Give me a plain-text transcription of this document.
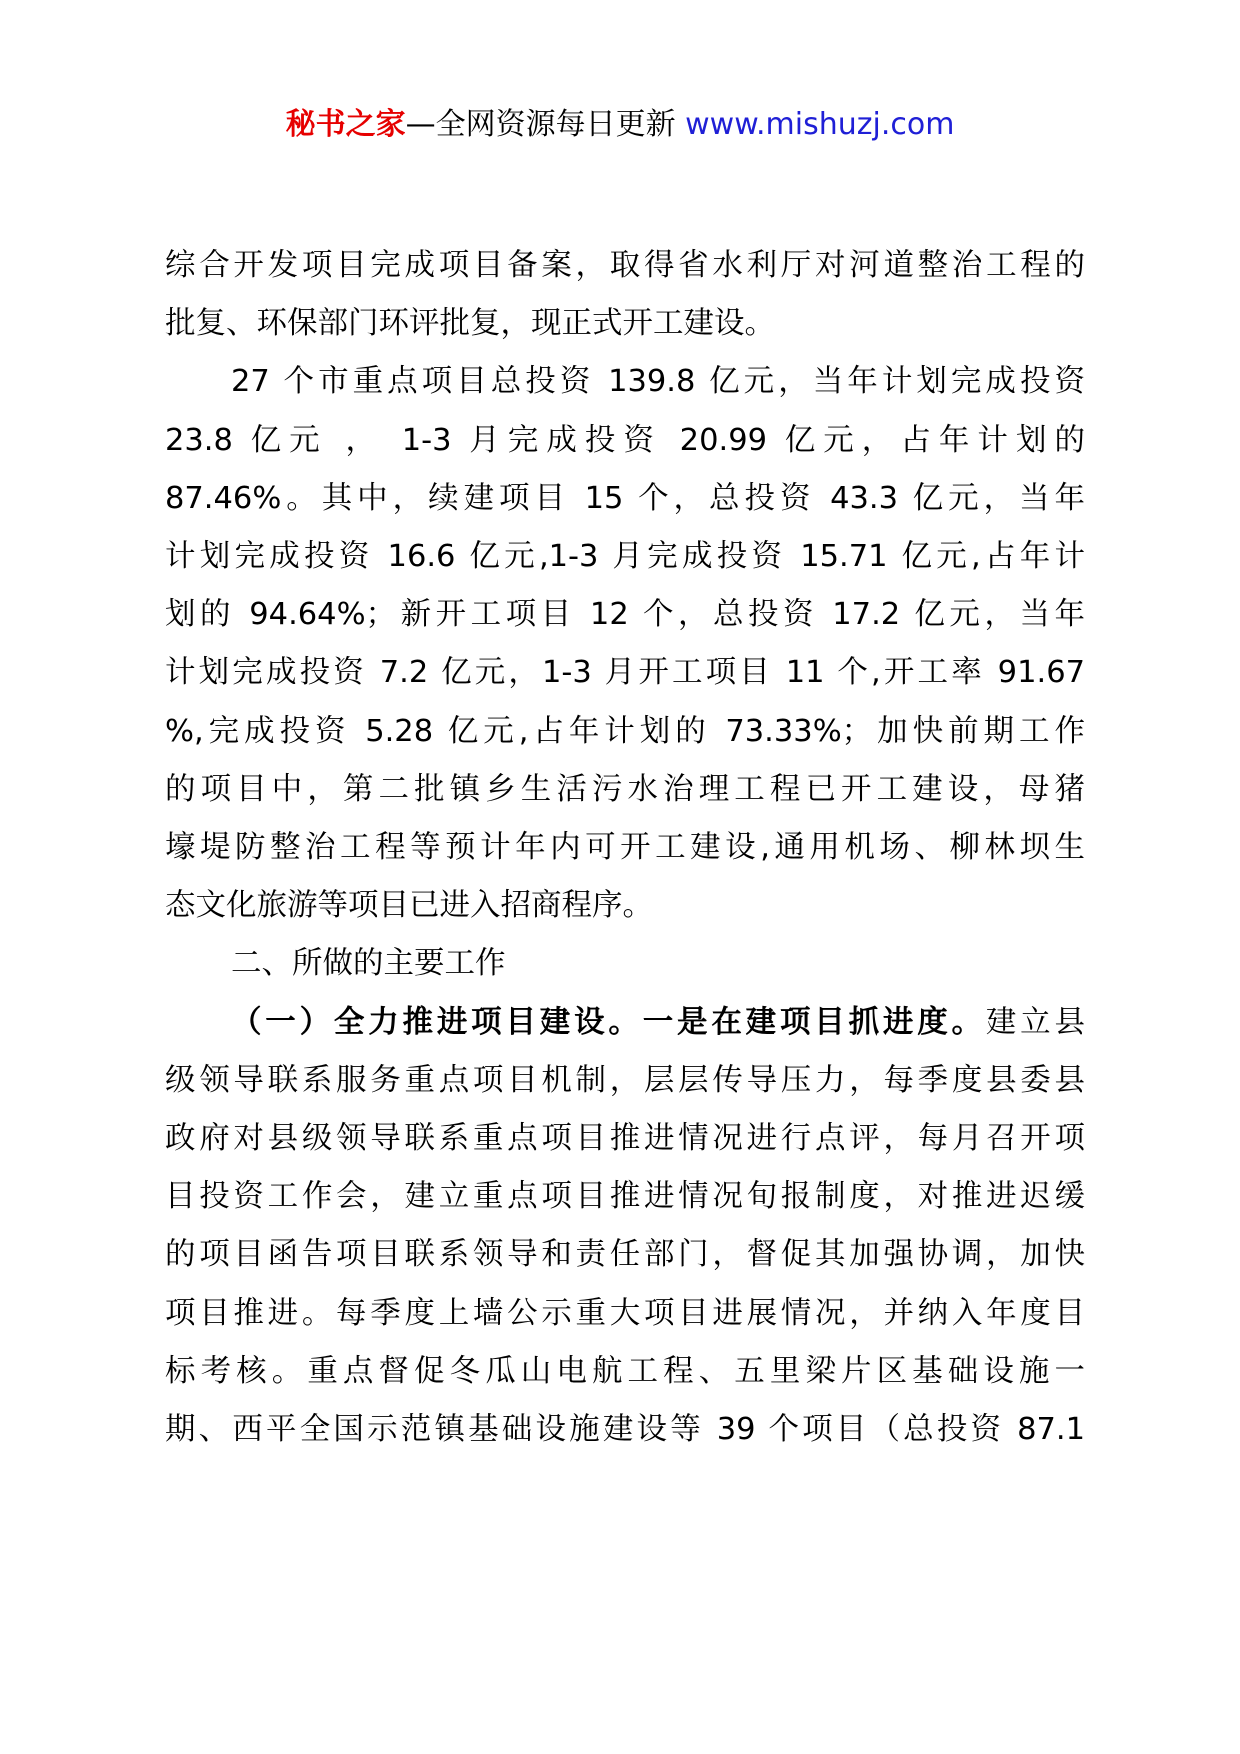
秘书之家—全网资源每日更新 www.mishuzj.com
综合开发项目完成项目备案，取得省水利厅对河道整治工程的
批复、环保部门环评批复，现正式开工建设。
27 个市重点项目总投资 139.8 亿元，当年计划完成投资
23.8 亿元 ， 1-3 月完成投资 20.99 亿元，占年计划的
87.46%。其中，续建项目 15 个，总投资 43.3 亿元，当年
计划完成投资 16.6 亿元,1-3 月完成投资 15.71 亿元,占年计
划的 94.64%；新开工项目 12 个，总投资 17.2 亿元，当年
计划完成投资 7.2 亿元，1-3 月开工项目 11 个,开工率 91.67
%,完成投资 5.28 亿元,占年计划的 73.33%；加快前期工作
的项目中，第二批镇乡生活污水治理工程已开工建设，母猪
壕堤防整治工程等预计年内可开工建设,通用机场、柳林坝生
态文化旅游等项目已进入招商程序。
二、所做的主要工作
（一）全力推进项目建设。一是在建项目抓进度。建立县
级领导联系服务重点项目机制，层层传导压力，每季度县委县
政府对县级领导联系重点项目推进情况进行点评，每月召开项
目投资工作会，建立重点项目推进情况旬报制度，对推进迟缓
的项目函告项目联系领导和责任部门，督促其加强协调，加快
项目推进。每季度上墙公示重大项目进展情况，并纳入年度目
标考核。重点督促冬瓜山电航工程、五里梁片区基础设施一
期、西平全国示范镇基础设施建设等 39 个项目（总投资 87.1
